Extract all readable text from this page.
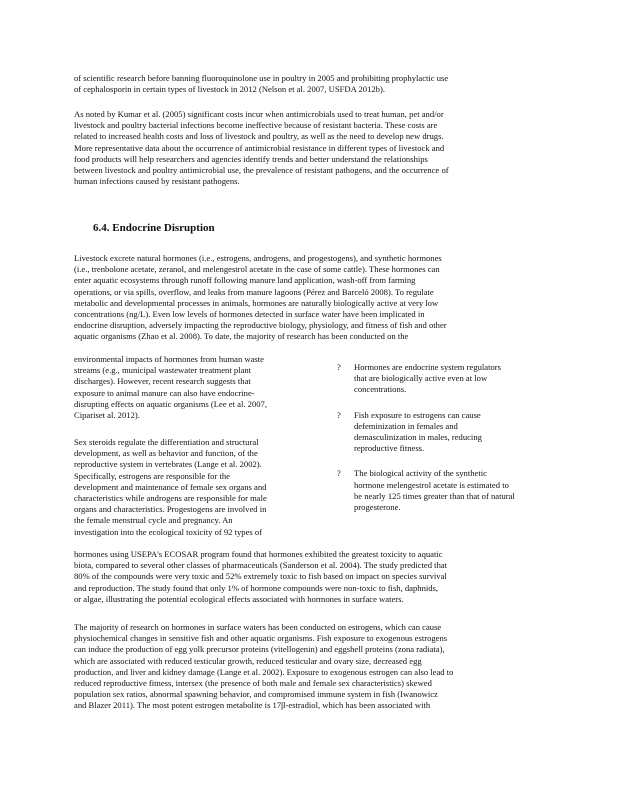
of scientific research before banning fluoroquinolone use in poultry in 2005 and prohibiting prophylactic use
of cephalosporin in certain types of livestock in 2012 (Nelson et al. 2007, USFDA 2012b).

As noted by Kumar et al. (2005) significant costs incur when antimicrobials used to treat human, pet and/or
livestock and poultry bacterial infections become ineffective because of resistant bacteria. These costs are
related to increased health costs and loss of livestock and poultry, as well as the need to develop new drugs.
More representative data about the occurrence of antimicrobial resistance in different types of livestock and
food products will help researchers and agencies identify trends and better understand the relationships
between livestock and poultry antimicrobial use, the prevalence of resistant pathogens, and the occurrence of
human infections caused by resistant pathogens.

6.4. Endocrine Disruption

Livestock excrete natural hormones (i.e., estrogens, androgens, and progestogens), and synthetic hormones
(i.e., trenbolone acetate, zeranol, and melengestrol acetate in the case of some cattle). These hormones can
enter aquatic ecosystems through runoff following manure land application, wash-off from farming
operations, or via spills, overflow, and leaks from manure lagoons (Pérez and Barceló 2008). To regulate
metabolic and developmental processes in animals, hormones are naturally biologically active at very low
concentrations (ng/L). Even low levels of hormones detected in surface water have been implicated in
endocrine disruption, adversely impacting the reproductive biology, physiology, and fitness of fish and other
aquatic organisms (Zhao et al. 2008). To date, the majority of research has been conducted on the

environmental impacts of hormones from human waste
streams (e.g., municipal wastewater treatment plant
discharges). However, recent research suggests that
exposure to animal manure can also have endocrine-
disrupting effects on aquatic organisms (Lee et al. 2007,
Cipariset al. 2012).

? Hormones are endocrine system regulators
that are biologically active even at low
concentrations.
? Fish exposure to estrogens can cause
defeminization in females and
demasculinization in males, reducing
reproductive fitness.
? The biological activity of the synthetic
hormone melengestrol acetate is estimated to
be nearly 125 times greater than that of natural
progesterone.

Sex steroids regulate the differentiation and structural
development, as well as behavior and function, of the
reproductive system in vertebrates (Lange et al. 2002).
Specifically, estrogens are responsible for the
development and maintenance of female sex organs and
characteristics while androgens are responsible for male
organs and characteristics. Progestogens are involved in
the female menstrual cycle and pregnancy. An
investigation into the ecological toxicity of 92 types of

hormones using USEPA's ECOSAR program found that hormones exhibited the greatest toxicity to aquatic
biota, compared to several other classes of pharmaceuticals (Sanderson et al. 2004). The study predicted that
80% of the compounds were very toxic and 52% extremely toxic to fish based on impact on species survival
and reproduction. The study found that only 1% of hormone compounds were non-toxic to fish, daphnids,
or algae, illustrating the potential ecological effects associated with hormones in surface waters.

The majority of research on hormones in surface waters has been conducted on estrogens, which can cause
physiochemical changes in sensitive fish and other aquatic organisms. Fish exposure to exogenous estrogens
can induce the production of egg yolk precursor proteins (vitellogenin) and eggshell proteins (zona radiata),
which are associated with reduced testicular growth, reduced testicular and ovary size, decreased egg
production, and liver and kidney damage (Lange et al. 2002). Exposure to exogenous estrogen can also lead to
reduced reproductive fitness, intersex (the presence of both male and female sex characteristics) skewed
population sex ratios, abnormal spawning behavior, and compromised immune system in fish (Iwanowicz
and Blazer 2011). The most potent estrogen metabolite is 17β-estradiol, which has been associated with
